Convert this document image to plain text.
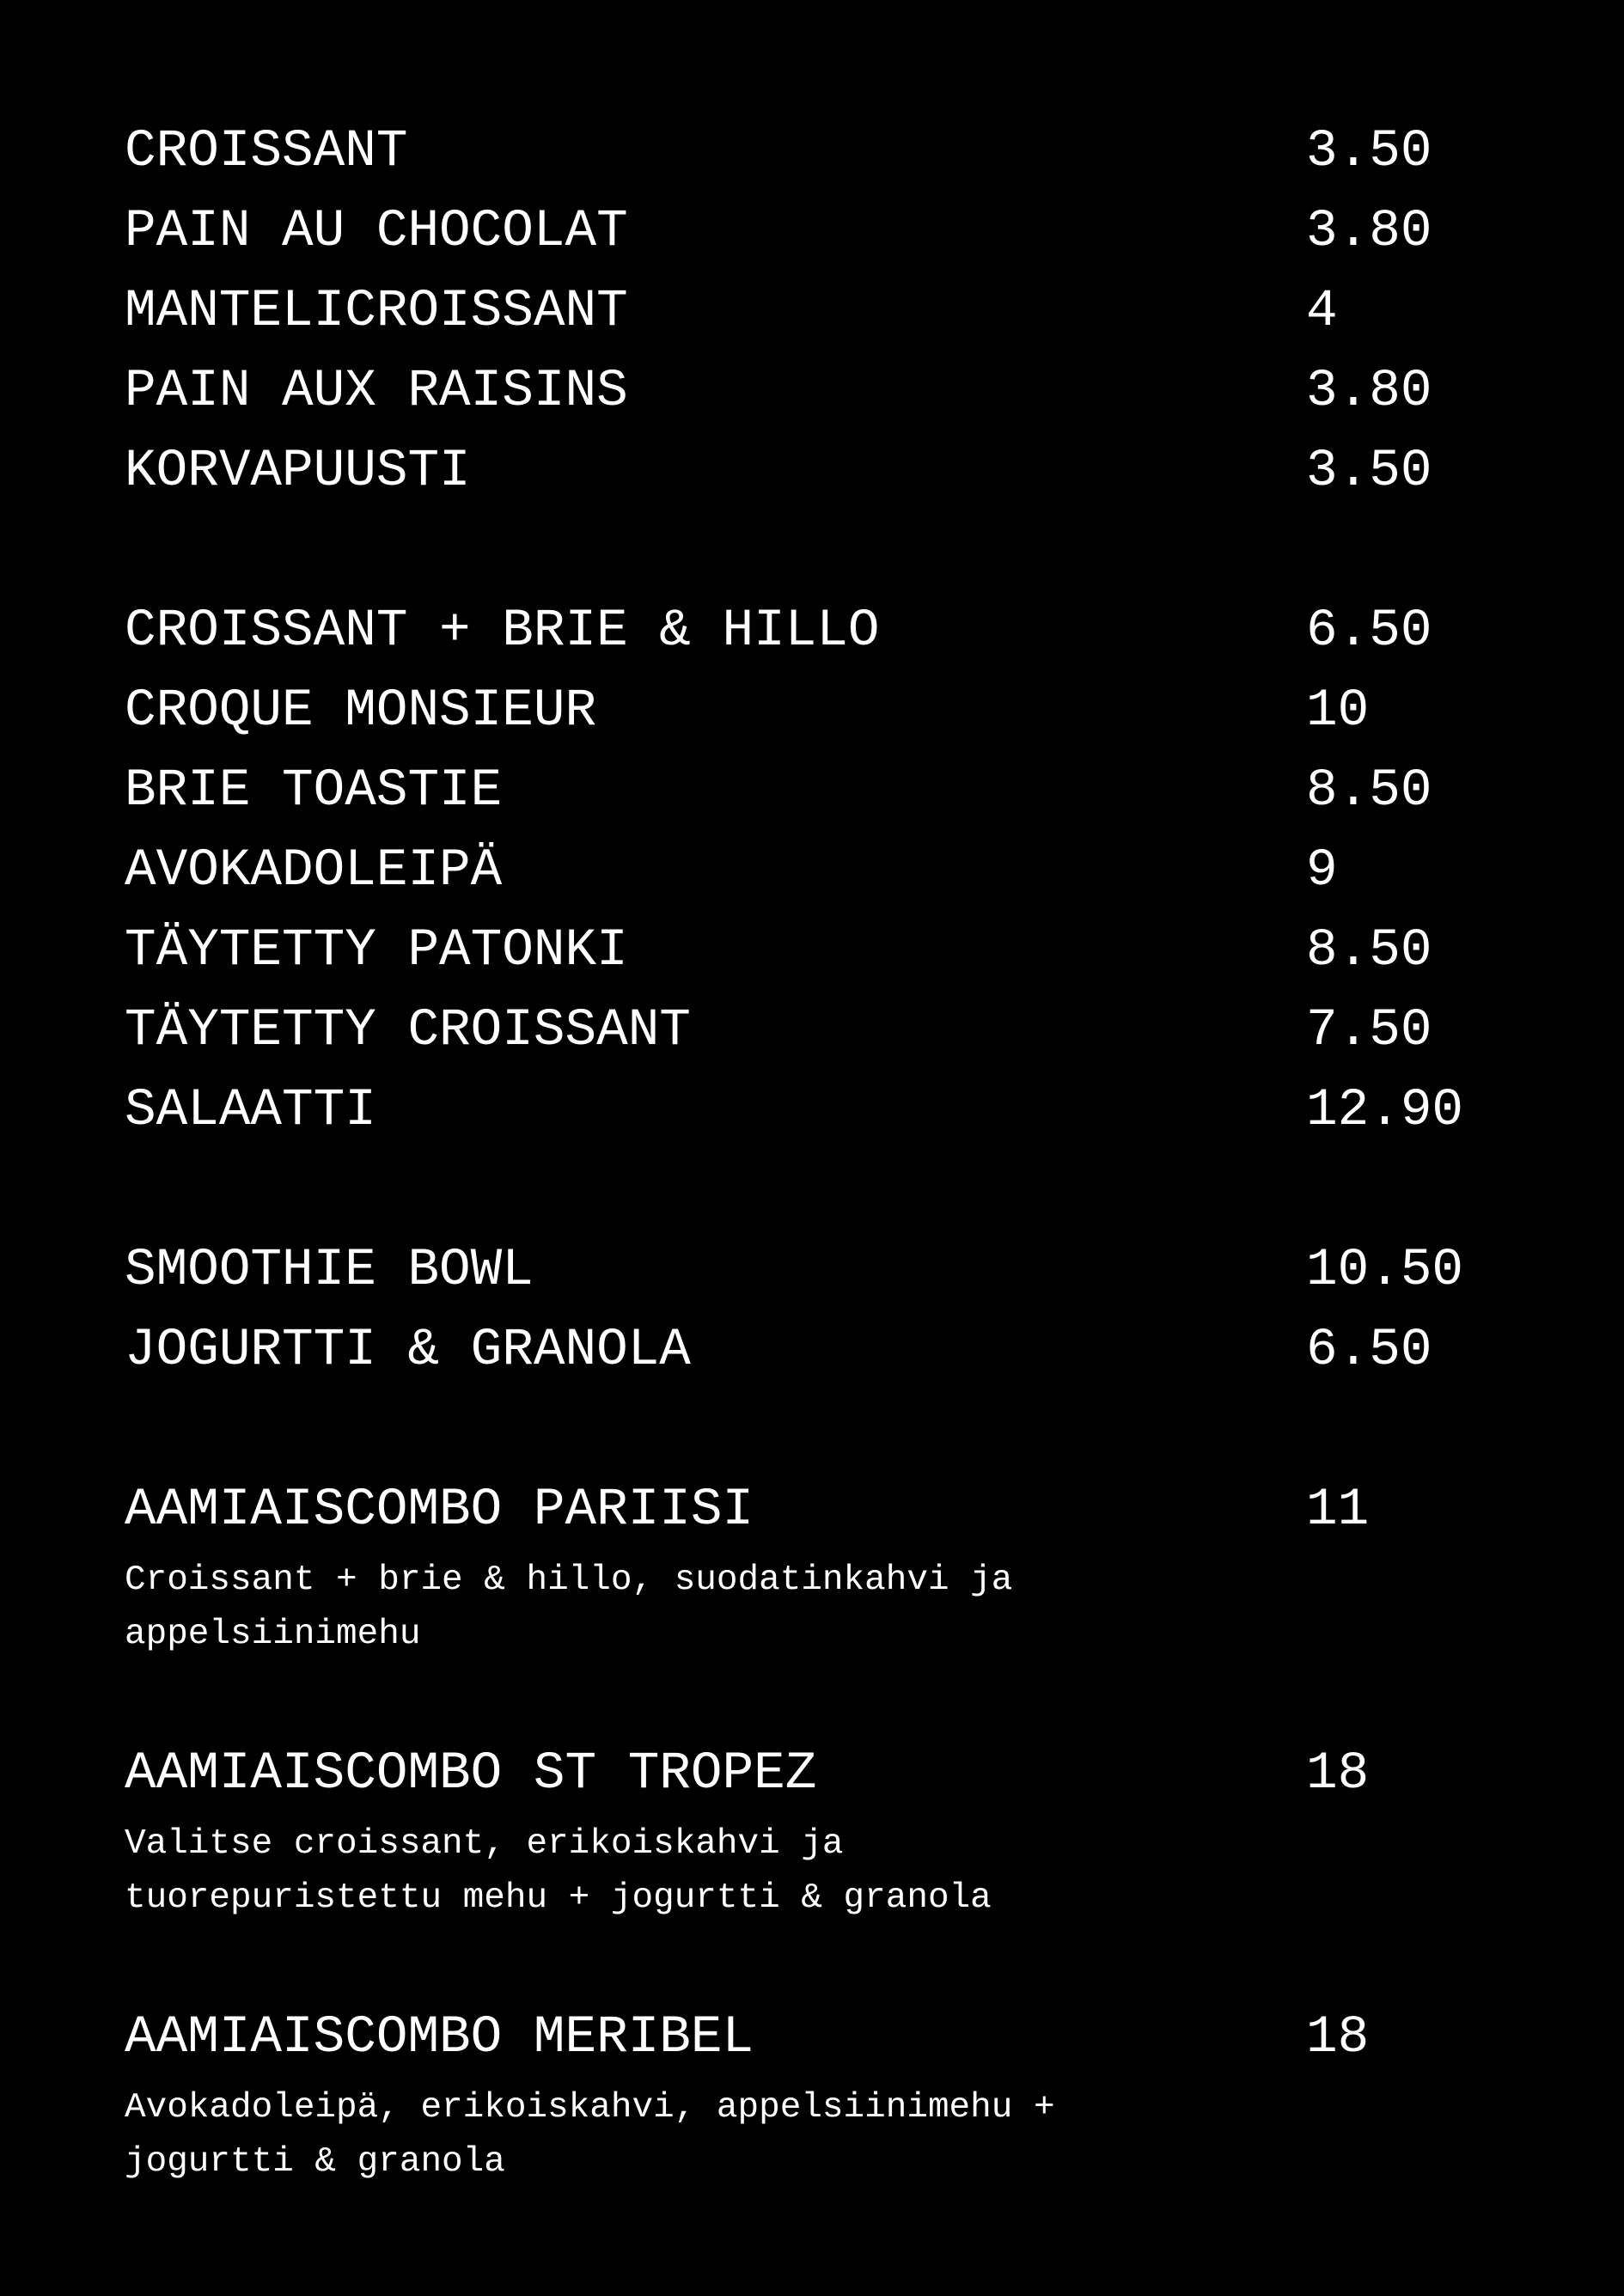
CROISSANT	3.50
PAIN AU CHOCOLAT	3.80
MANTELICROISSANT	4
PAIN AUX RAISINS	3.80
KORVAPUUSTI	3.50
CROISSANT + BRIE & HILLO	6.50
CROQUE MONSIEUR	10
BRIE TOASTIE	8.50
AVOKADOLEIPÄ	9
TÄYTETTY PATONKI	8.50
TÄYTETTY CROISSANT	7.50
SALAATTI	12.90
SMOOTHIE BOWL	10.50
JOGURTTI & GRANOLA	6.50
AAMIAISCOMBO PARIISI	11
Croissant + brie & hillo, suodatinkahvi ja
appelsiinimehu
AAMIAISCOMBO ST TROPEZ	18
Valitse croissant, erikoiskahvi ja
tuorepuristettu mehu + jogurtti & granola
AAMIAISCOMBO MERIBEL	18
Avokadoleipä, erikoiskahvi, appelsiinimehu +
jogurtti & granola
